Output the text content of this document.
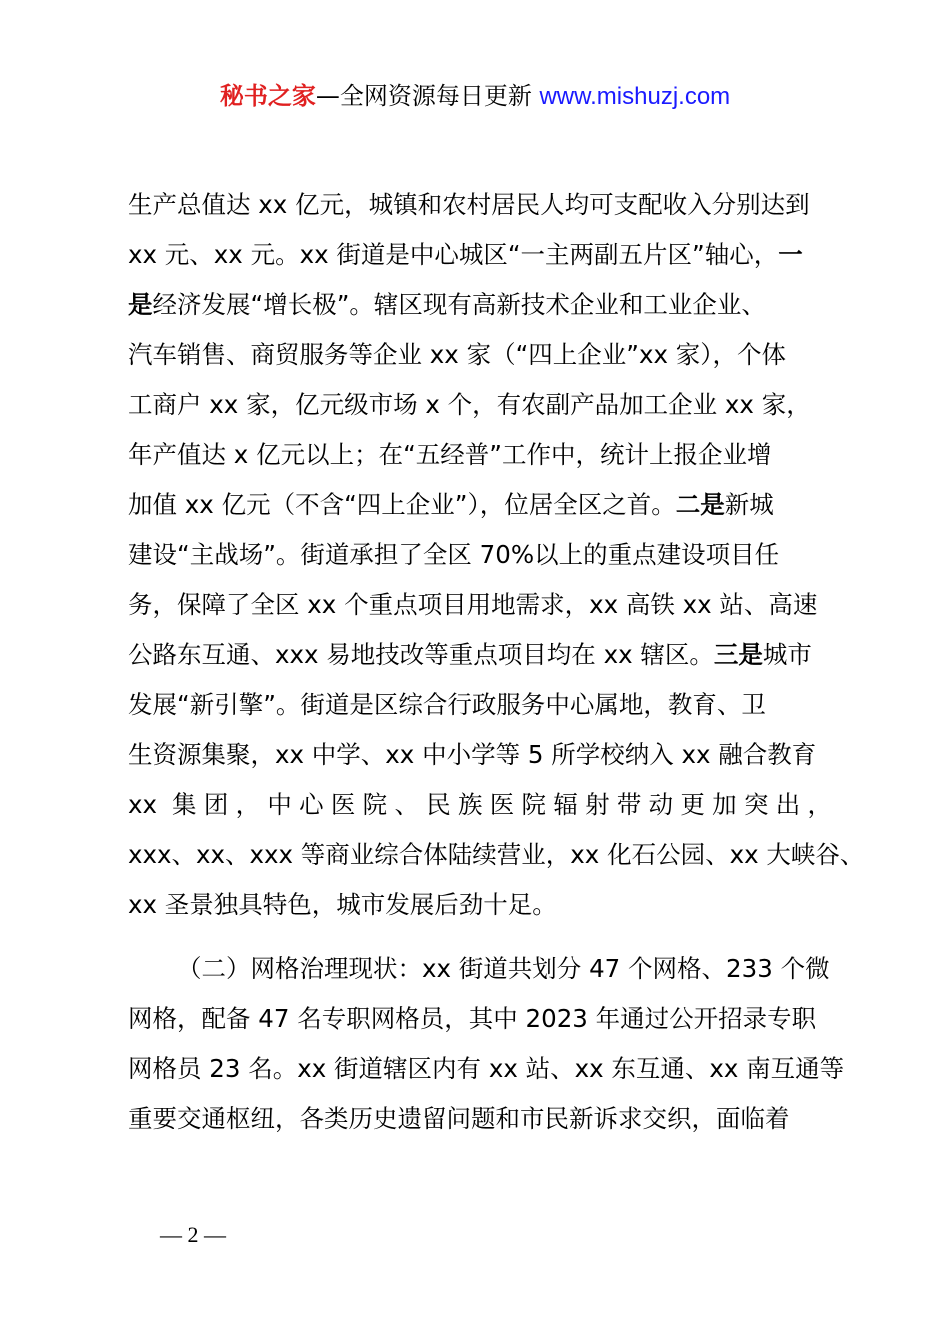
秘书之家—全网资源每日更新 www.mishuzj.com
生产总值达 xx 亿元，城镇和农村居民人均可支配收入分别达到
xx 元、xx 元。xx 街道是中心城区“一主两副五片区”轴心，一
是经济发展“增长极”。辖区现有高新技术企业和工业企业、
汽车销售、商贸服务等企业 xx 家（“四上企业”xx 家），个体
工商户 xx 家，亿元级市场 x 个，有农副产品加工企业 xx 家，
年产值达 x 亿元以上；在“五经普”工作中，统计上报企业增
加值 xx 亿元（不含“四上企业”），位居全区之首。二是新城
建设“主战场”。街道承担了全区 70%以上的重点建设项目任
务，保障了全区 xx 个重点项目用地需求，xx 高铁 xx 站、高速
公路东互通、xxx 易地技改等重点项目均在 xx 辖区。三是城市
发展“新引擎”。街道是区综合行政服务中心属地，教育、卫
生资源集聚，xx 中学、xx 中小学等 5 所学校纳入 xx 融合教育
xx 集团，中心医院、民族医院辐射带动更加突出，
xxx、xx、xxx 等商业综合体陆续营业，xx 化石公园、xx 大峡谷、
xx 圣景独具特色，城市发展后劲十足。
（二）网格治理现状：xx 街道共划分 47 个网格、233 个微
网格，配备 47 名专职网格员，其中 2023 年通过公开招录专职
网格员 23 名。xx 街道辖区内有 xx 站、xx 东互通、xx 南互通等
重要交通枢纽，各类历史遗留问题和市民新诉求交织，面临着
— 2 —
